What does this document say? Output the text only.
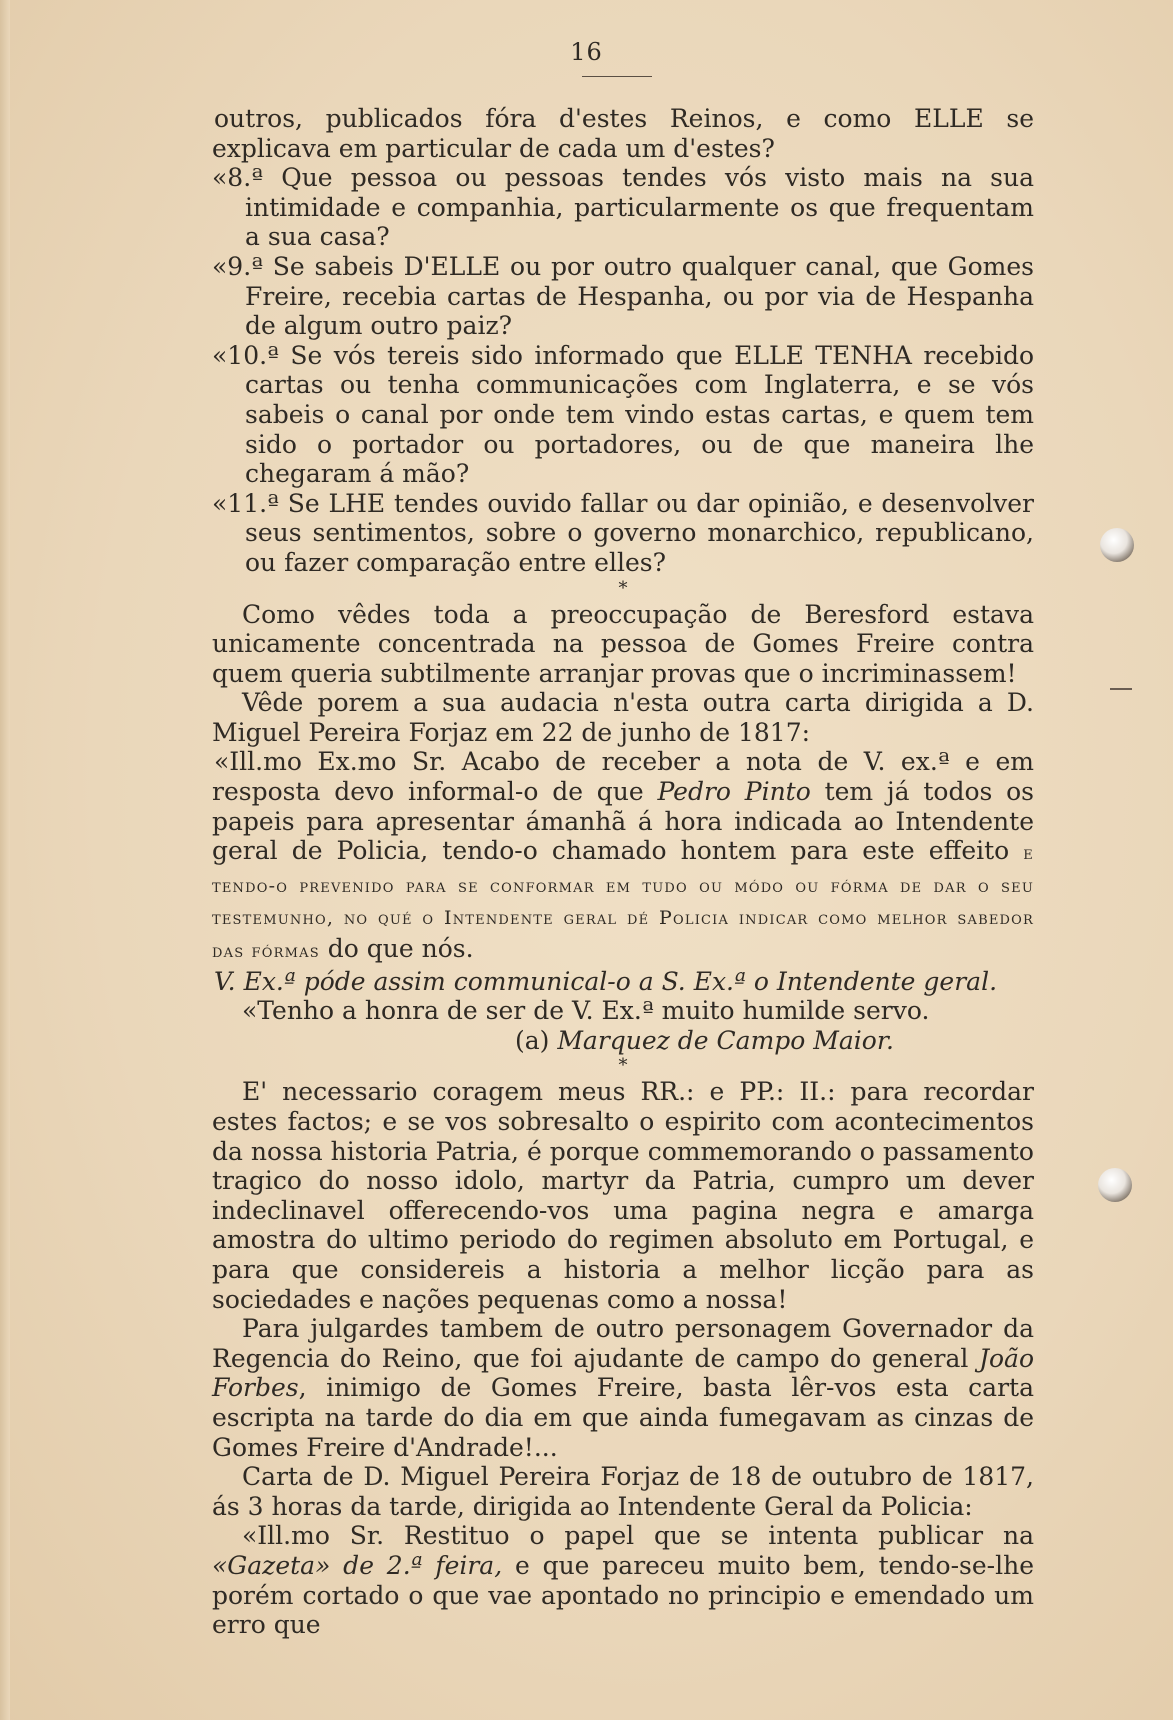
16

outros, publicados fóra d'estes Reinos, e como ELLE se explicava em particular de cada um d'estes?

«8.ª Que pessoa ou pessoas tendes vós visto mais na sua intimidade e companhia, particularmente os que frequentam a sua casa?

«9.ª Se sabeis D'ELLE ou por outro qualquer canal, que Gomes Freire, recebia cartas de Hespanha, ou por via de Hespanha de algum outro paiz?

«10.ª Se vós tereis sido informado que ELLE TENHA recebido cartas ou tenha communicações com Inglaterra, e se vós sabeis o canal por onde tem vindo estas cartas, e quem tem sido o portador ou portadores, ou de que maneira lhe chegaram á mão?

«11.ª Se LHE tendes ouvido fallar ou dar opinião, e desenvolver seus sentimentos, sobre o governo monarchico, republicano, ou fazer comparação entre elles?

*

Como vêdes toda a preoccupação de Beresford estava unicamente concentrada na pessoa de Gomes Freire contra quem queria subtilmente arranjar provas que o incriminassem!

Vêde porem a sua audacia n'esta outra carta dirigida a D. Miguel Pereira Forjaz em 22 de junho de 1817:

«Ill.mo Ex.mo Sr. Acabo de receber a nota de V. ex.ª e em resposta devo informal-o de que Pedro Pinto tem já todos os papeis para apresentar ámanhã á hora indicada ao Intendente geral de Policia, tendo-o chamado hontem para este effeito e tendo-o prevenido para se conformar em tudo ou módo ou fórma de dar o seu testemunho, no qué o Intendente geral dé Policia indicar como melhor sabedor das fórmas do que nós.

V. Ex.ª póde assim communical-o a S. Ex.ª o Intendente geral.

«Tenho a honra de ser de V. Ex.ª muito humilde servo.

(a) Marquez de Campo Maior.

*

E' necessario coragem meus RR.: e PP.: II.: para recordar estes factos; e se vos sobresalto o espirito com acontecimentos da nossa historia Patria, é porque commemorando o passamento tragico do nosso idolo, martyr da Patria, cumpro um dever indeclinavel offerecendo-vos uma pagina negra e amarga amostra do ultimo periodo do regimen absoluto em Portugal, e para que considereis a historia a melhor licção para as sociedades e nações pequenas como a nossa!

Para julgardes tambem de outro personagem Governador da Regencia do Reino, que foi ajudante de campo do general João Forbes, inimigo de Gomes Freire, basta lêr-vos esta carta escripta na tarde do dia em que ainda fumegavam as cinzas de Gomes Freire d'Andrade!...

Carta de D. Miguel Pereira Forjaz de 18 de outubro de 1817, ás 3 horas da tarde, dirigida ao Intendente Geral da Policia:

«Ill.mo Sr. Restituo o papel que se intenta publicar na «Gazeta» de 2.ª feira, e que pareceu muito bem, tendo-se-lhe porém cortado o que vae apontado no principio e emendado um erro que
